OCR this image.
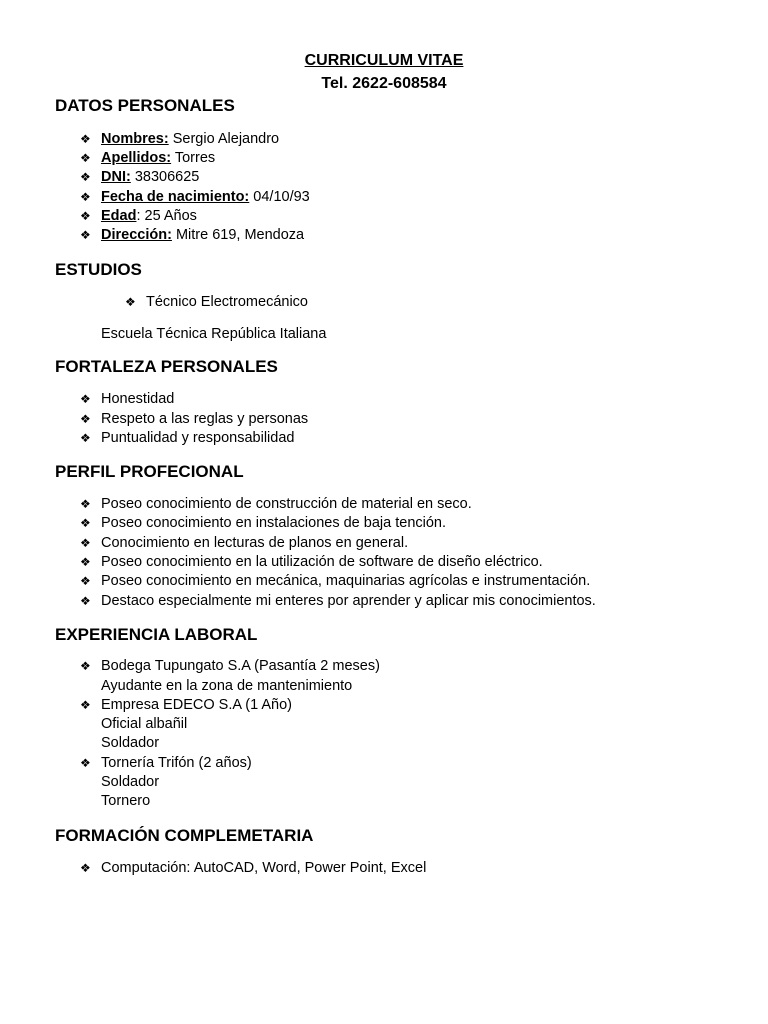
CURRICULUM VITAE
Tel. 2622-608584
DATOS PERSONALES
❖ Nombres: Sergio Alejandro
❖ Apellidos: Torres
❖ DNI: 38306625
❖ Fecha de nacimiento: 04/10/93
❖ Edad: 25 Años
❖ Dirección: Mitre 619, Mendoza
ESTUDIOS
❖ Técnico Electromecánico
Escuela Técnica República Italiana
FORTALEZA PERSONALES
❖ Honestidad
❖ Respeto a las reglas y personas
❖ Puntualidad y responsabilidad
PERFIL PROFECIONAL
❖ Poseo conocimiento de construcción de material en seco.
❖ Poseo conocimiento en instalaciones de baja tención.
❖ Conocimiento en lecturas de planos en general.
❖ Poseo conocimiento en la utilización de software de diseño eléctrico.
❖ Poseo conocimiento en mecánica, maquinarias agrícolas e instrumentación.
❖ Destaco especialmente mi enteres por aprender y aplicar mis conocimientos.
EXPERIENCIA LABORAL
❖ Bodega Tupungato S.A (Pasantía 2 meses)
Ayudante en la zona de mantenimiento
❖ Empresa EDECO S.A (1 Año)
Oficial albañil
Soldador
❖ Tornería Trifón (2 años)
Soldador
Tornero
FORMACIÓN COMPLEMETARIA
❖ Computación: AutoCAD, Word, Power Point, Excel
